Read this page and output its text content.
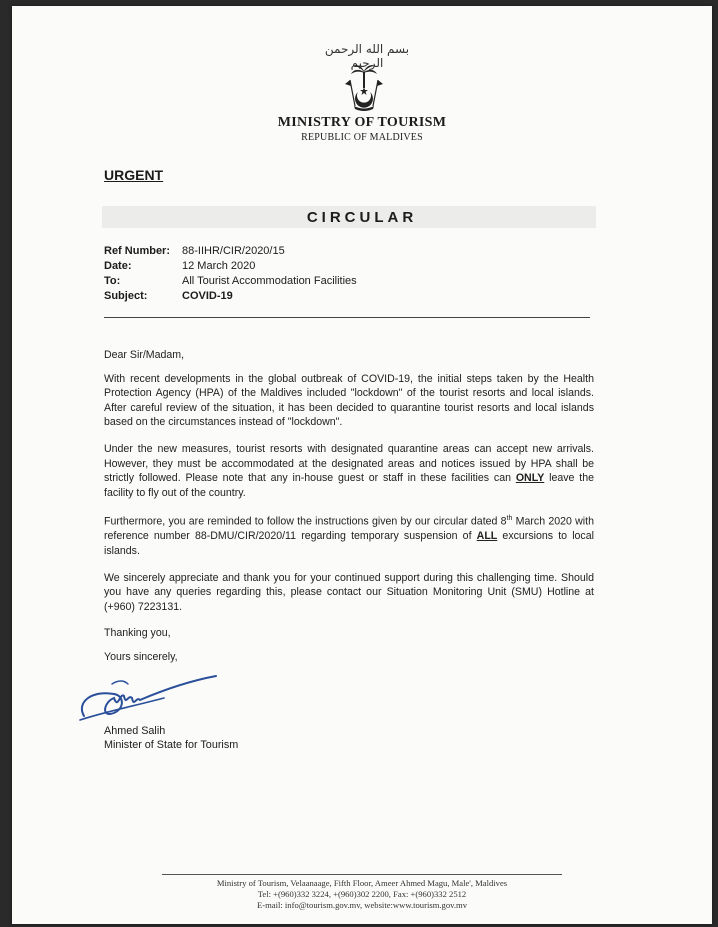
بسم الله الرحمن الرحيم
MINISTRY OF TOURISM
REPUBLIC OF MALDIVES
URGENT
CIRCULAR
Ref Number: 88-IIHR/CIR/2020/15
Date:	12 March 2020
To:	All Tourist Accommodation Facilities
Subject:	COVID-19

Dear Sir/Madam,

With recent developments in the global outbreak of COVID-19, the initial steps taken by the Health Protection Agency (HPA) of the Maldives included "lockdown" of the tourist resorts and local islands. After careful review of the situation, it has been decided to quarantine tourist resorts and local islands based on the circumstances instead of "lockdown".

Under the new measures, tourist resorts with designated quarantine areas can accept new arrivals. However, they must be accommodated at the designated areas and notices issued by HPA shall be strictly followed. Please note that any in-house guest or staff in these facilities can ONLY leave the facility to fly out of the country.

Furthermore, you are reminded to follow the instructions given by our circular dated 8th March 2020 with reference number 88-DMU/CIR/2020/11 regarding temporary suspension of ALL excursions to local islands.

We sincerely appreciate and thank you for your continued support during this challenging time. Should you have any queries regarding this, please contact our Situation Monitoring Unit (SMU) Hotline at (+960) 7223131.

Thanking you,

Yours sincerely,

Ahmed Salih
Minister of State for Tourism
Ministry of Tourism, Velaanaage, Fifth Floor, Ameer Ahmed Magu, Male', Maldives
Tel: +(960)332 3224, +(960)302 2200, Fax: +(960)332 2512
E-mail: info@tourism.gov.mv, website:www.tourism.gov.mv
